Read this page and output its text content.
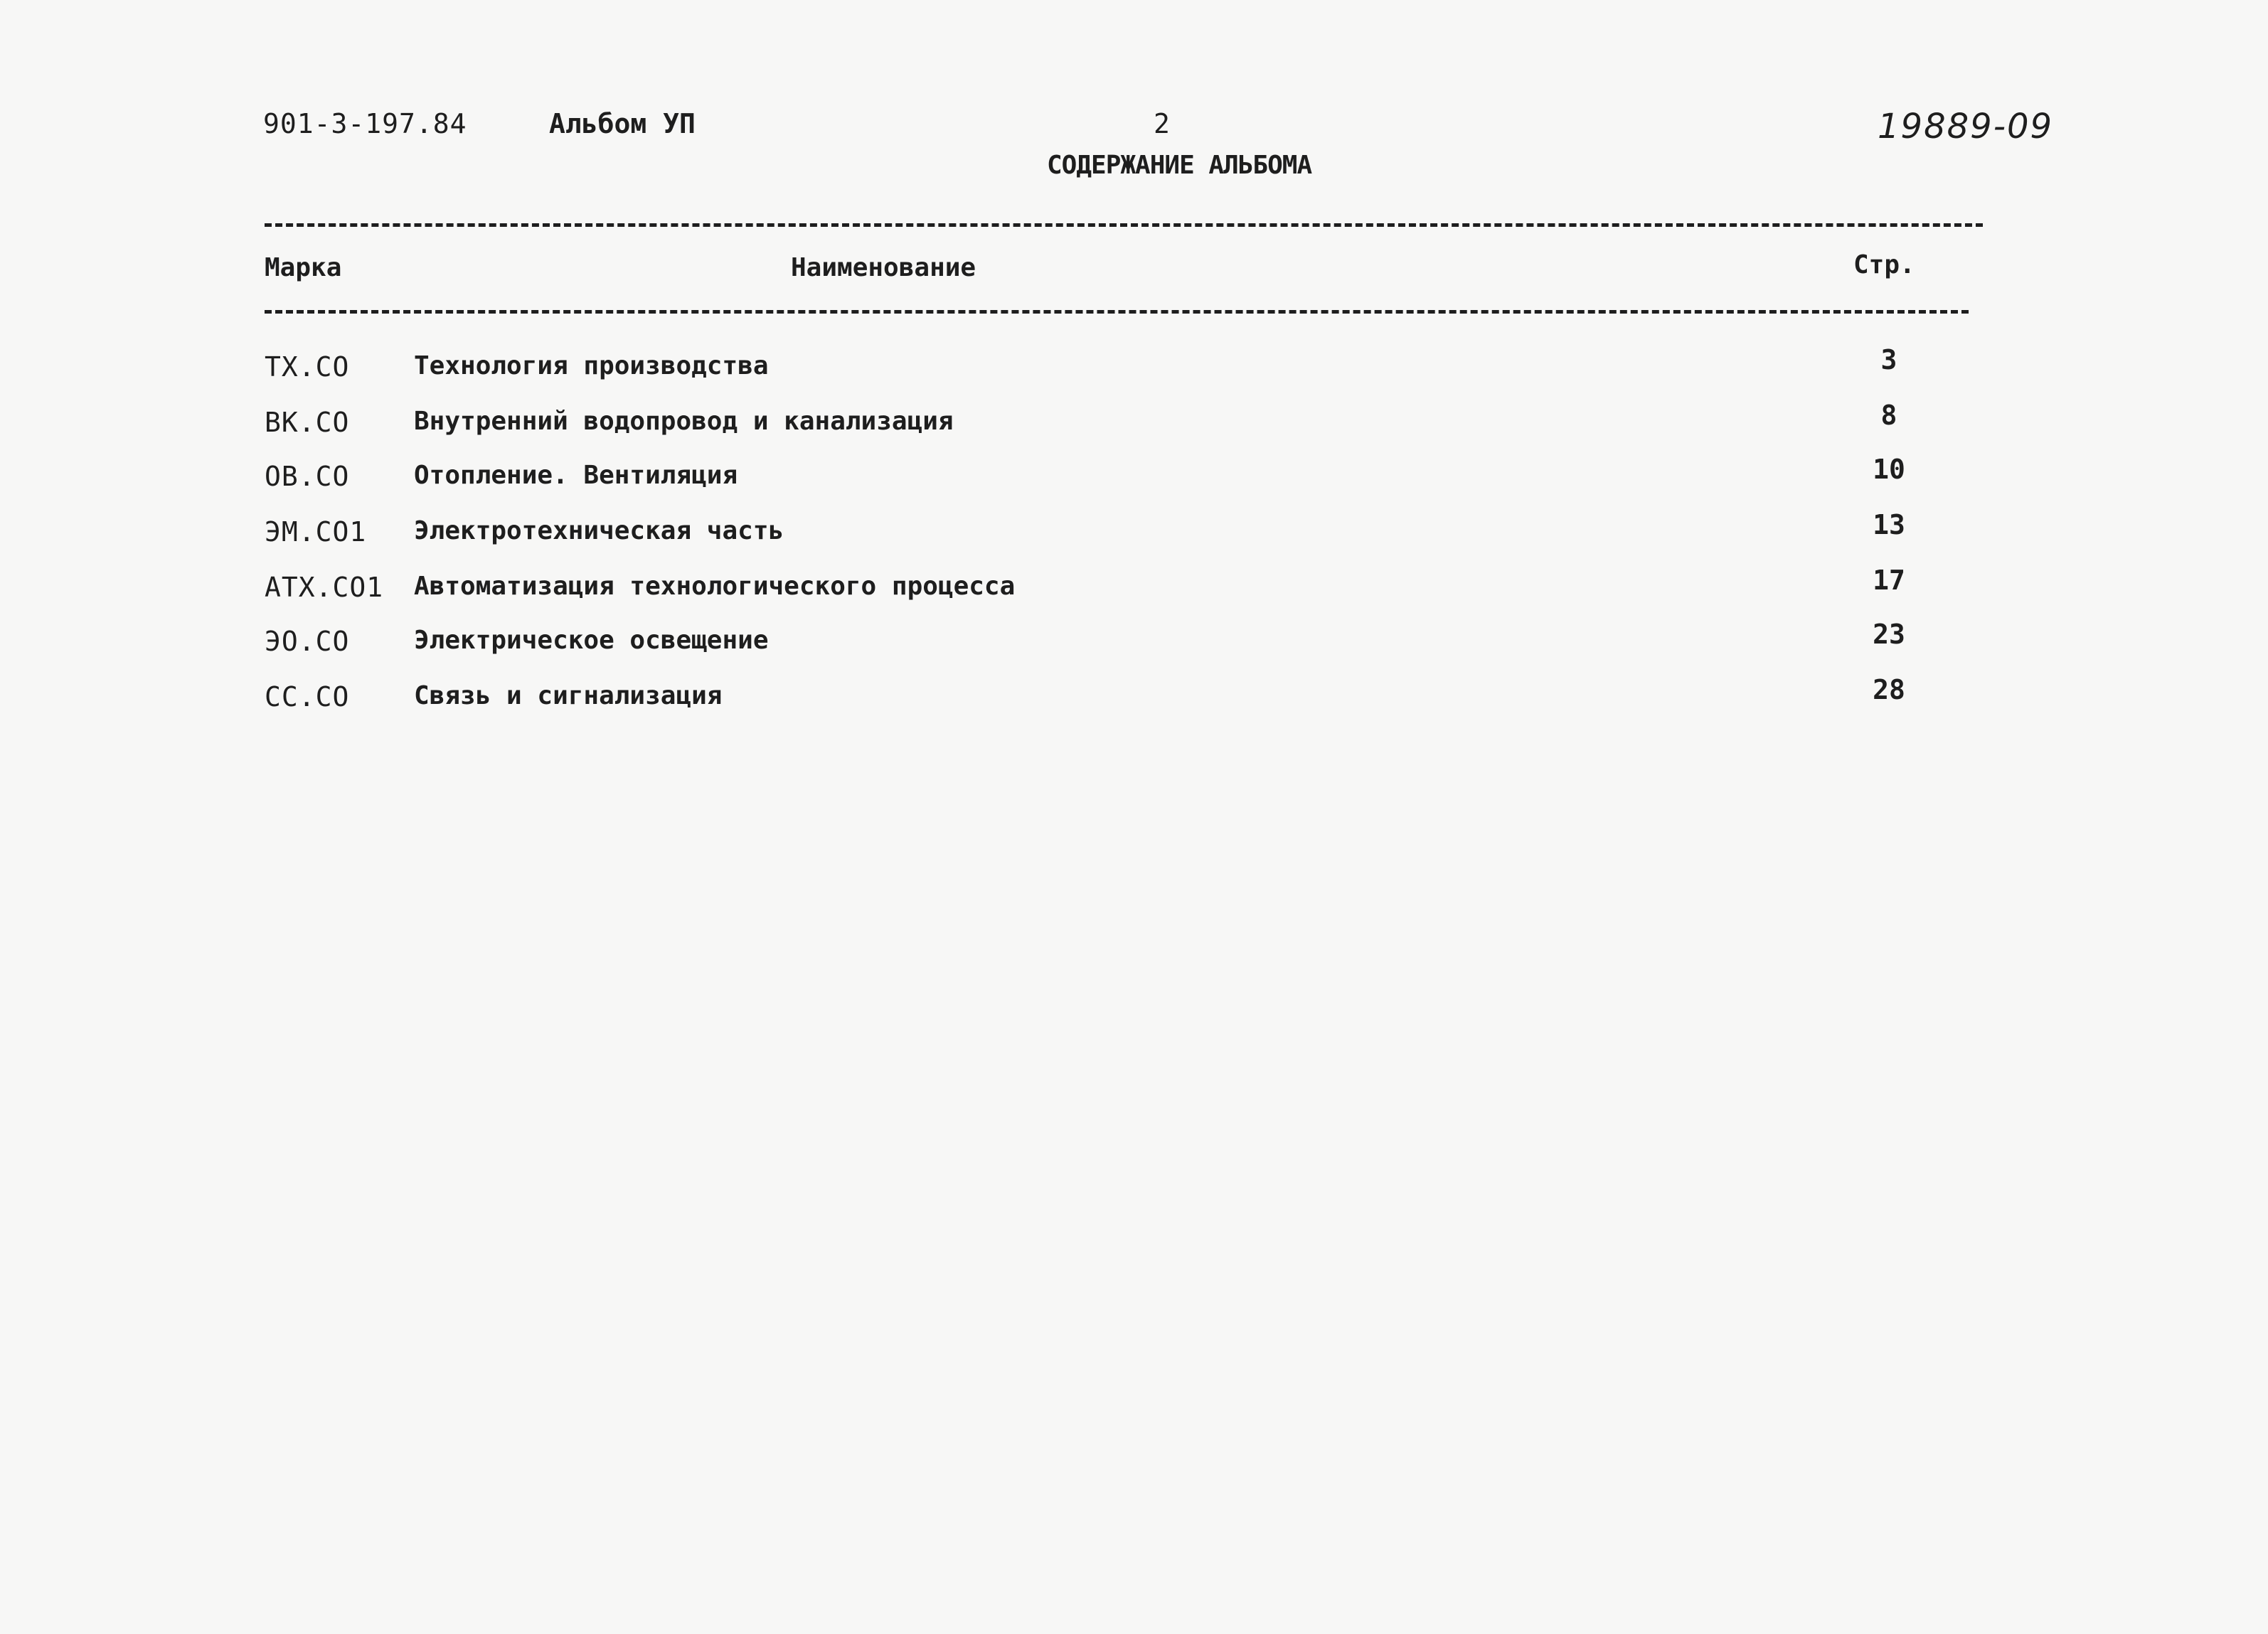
901-3-197.84	Альбом УП	2	19889-09
СОДЕРЖАНИЕ АЛЬБОМА
Марка	Наименование	Стр.
ТХ.СО	Технология производства	3
ВК.СО	Внутренний водопровод и канализация	8
ОВ.СО	Отопление. Вентиляция	10
ЭМ.СО1 Электротехническая часть	13
АТХ.СО1 Автоматизация технологического процесса	17
ЭО.СО	Электрическое освещение	23
СС.СО	Связь и сигнализация	28
